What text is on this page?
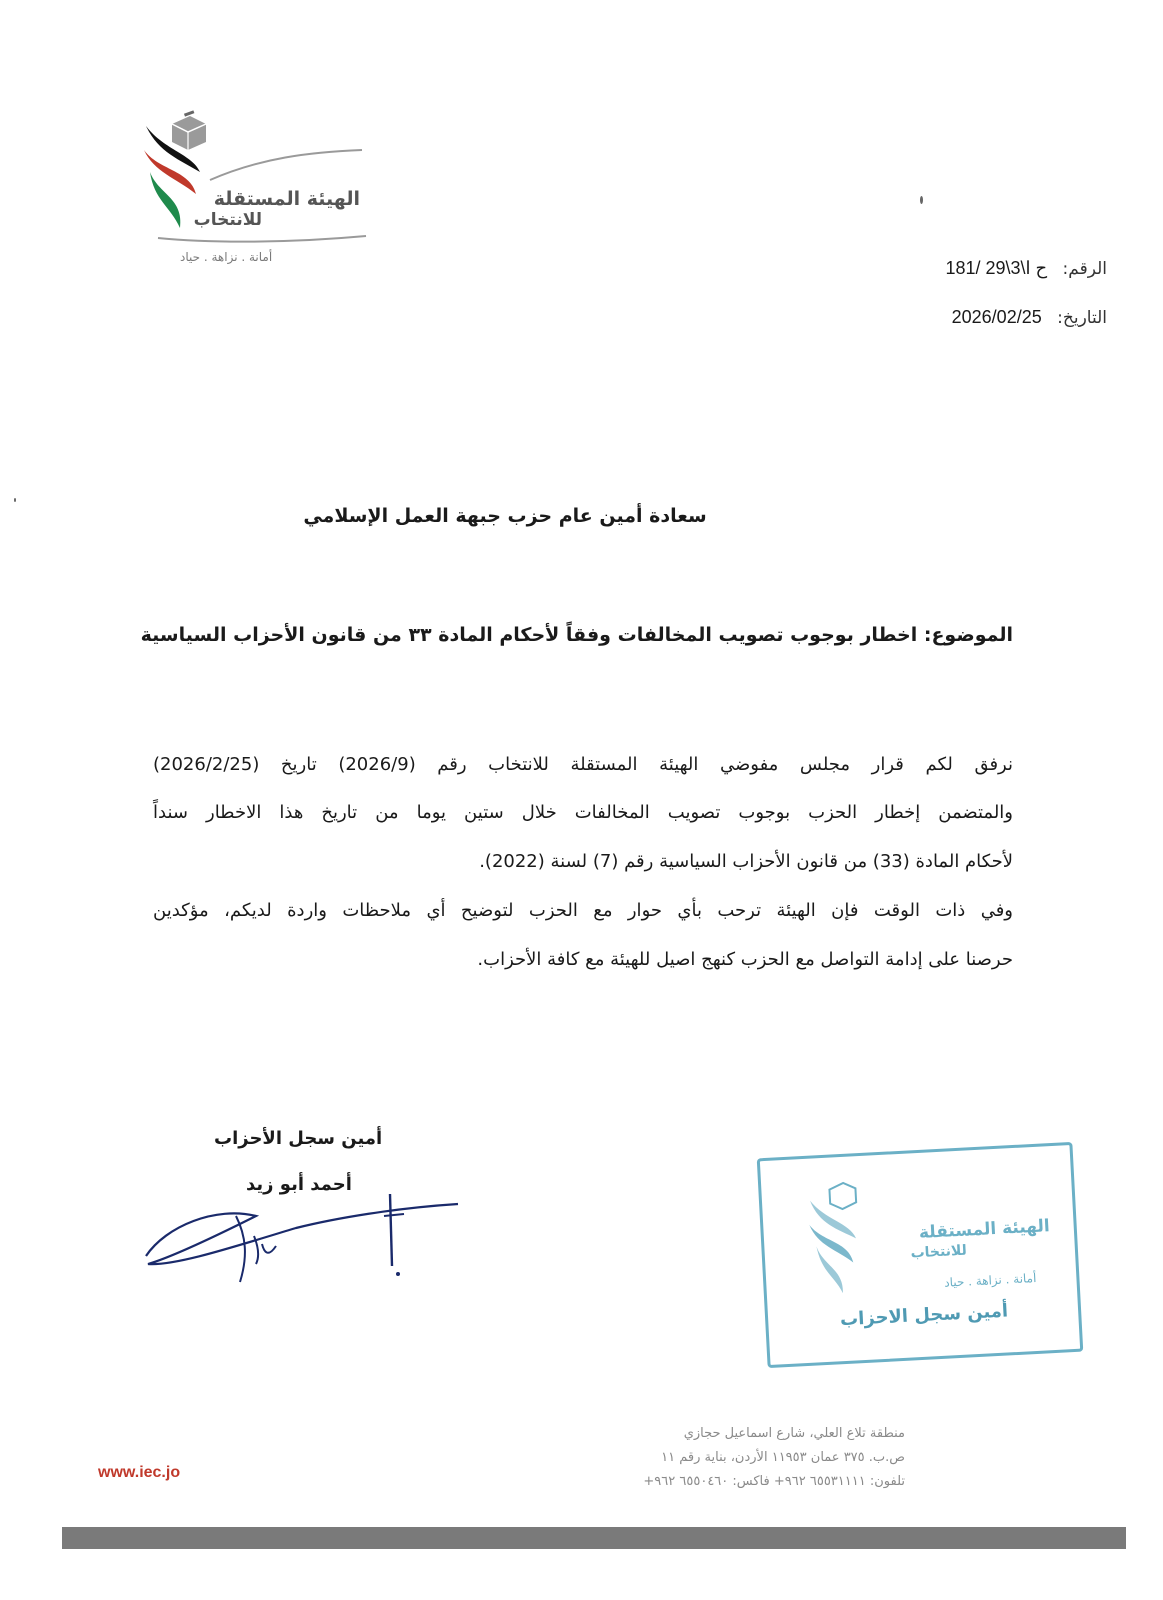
الهيئة المستقلة
للانتخاب
أمانة . نزاهة . حياد
الرقم: 181/ 29\3\ح ا
التاريخ: 2026/02/25
سعادة أمين عام حزب جبهة العمل الإسلامي
الموضوع: اخطار بوجوب تصويب المخالفات وفقاً لأحكام المادة ٣٣ من قانون الأحزاب السياسية
نرفق لكم قرار مجلس مفوضي الهيئة المستقلة للانتخاب رقم (2026/9) تاريخ (2026/2/25)
والمتضمن إخطار الحزب بوجوب تصويب المخالفات خلال ستين يوما من تاريخ هذا الاخطار سنداً
لأحكام المادة (33) من قانون الأحزاب السياسية رقم (7) لسنة (2022).
وفي ذات الوقت فإن الهيئة ترحب بأي حوار مع الحزب لتوضيح أي ملاحظات واردة لديكم، مؤكدين
حرصنا على إدامة التواصل مع الحزب كنهج اصيل للهيئة مع كافة الأحزاب.
أمين سجل الأحزاب
أحمد أبو زيد
الهيئة المستقلة
للانتخاب
أمانة . نزاهة . حياد
أمين سجل الاحزاب
www.iec.jo
منطقة تلاع العلي، شارع اسماعيل حجازي
ص.ب. ٣٧٥ عمان ١١٩٥٣ الأردن، بناية رقم ١١
تلفون: ٦٥٥٣١١١١ ٩٦٢+ فاكس: ٦٥٥٠٤٦٠ ٩٦٢+
